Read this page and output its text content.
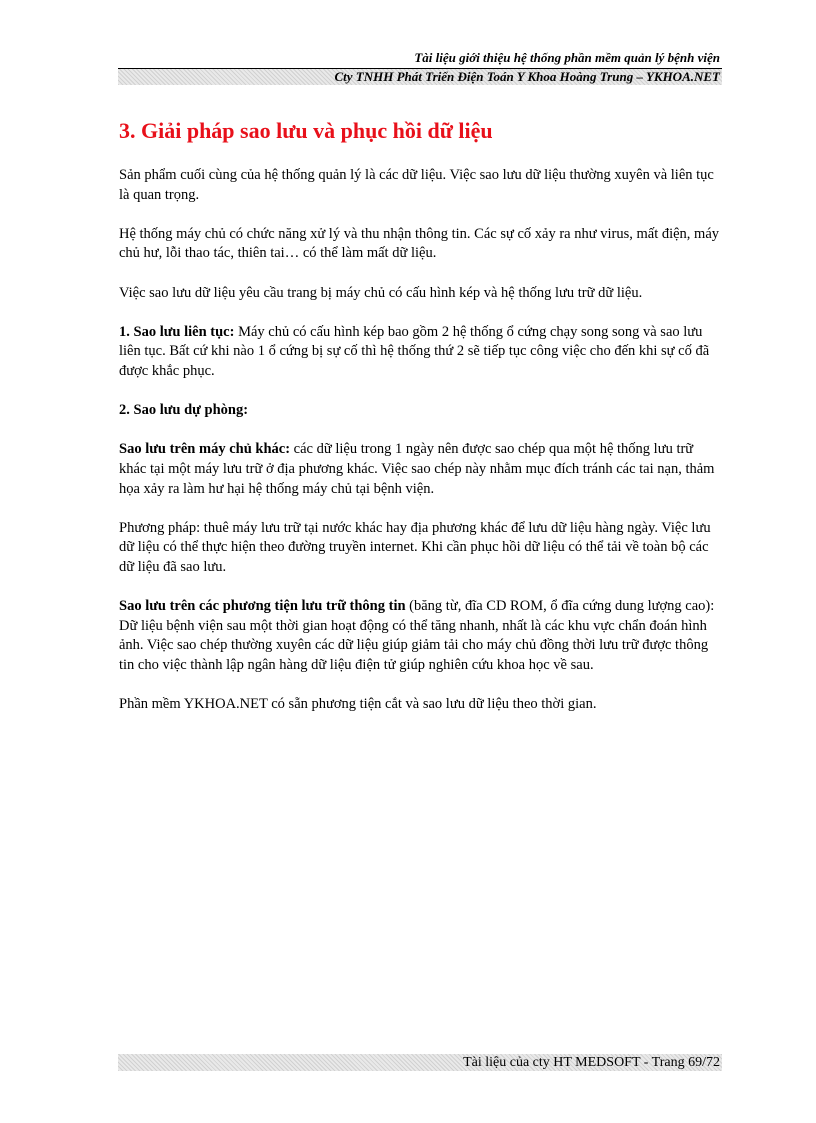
Tài liệu giới thiệu hệ thống phần mềm quản lý bệnh viện
Cty TNHH Phát Triển Điện Toán Y Khoa Hoàng Trung – YKHOA.NET
3. Giải pháp sao lưu và phục hồi dữ liệu

Sản phẩm cuối cùng của hệ thống quản lý là các dữ liệu. Việc sao lưu dữ liệu thường xuyên và liên tục là quan trọng.

Hệ thống máy chủ có chức năng xử lý và thu nhận thông tin. Các sự cố xảy ra như virus, mất điện, máy chủ hư, lỗi thao tác, thiên tai… có thể làm mất dữ liệu.

Việc sao lưu dữ liệu yêu cầu trang bị máy chủ có cấu hình kép và hệ thống lưu trữ dữ liệu.

1. Sao lưu liên tục: Máy chủ có cấu hình kép bao gồm 2 hệ thống ổ cứng chạy song song và sao lưu liên tục. Bất cứ khi nào 1 ổ cứng bị sự cố thì hệ thống thứ 2 sẽ tiếp tục công việc cho đến khi sự cố đã được khắc phục.

2. Sao lưu dự phòng:

Sao lưu trên máy chủ khác: các dữ liệu trong 1 ngày nên được sao chép qua một hệ thống lưu trữ khác tại một máy lưu trữ ở địa phương khác. Việc sao chép này nhằm mục đích tránh các tai nạn, thảm họa xảy ra làm hư hại hệ thống máy chủ tại bệnh viện.

Phương pháp: thuê máy lưu trữ tại nước khác hay địa phương khác để lưu dữ liệu hàng ngày. Việc lưu dữ liệu có thể thực hiện theo đường truyền internet. Khi cần phục hồi dữ liệu có thể tải về toàn bộ các dữ liệu đã sao lưu.

Sao lưu trên các phương tiện lưu trữ thông tin (băng từ, đĩa CD ROM, ổ đĩa cứng dung lượng cao): Dữ liệu bệnh viện sau một thời gian hoạt động có thể tăng nhanh, nhất là các khu vực chẩn đoán hình ảnh. Việc sao chép thường xuyên các dữ liệu giúp giảm tải cho máy chủ đồng thời lưu trữ được thông tin cho việc thành lập ngân hàng dữ liệu điện tử giúp nghiên cứu khoa học về sau.

Phần mềm YKHOA.NET có sẵn phương tiện cắt và sao lưu dữ liệu theo thời gian.

Tài liệu của cty HT MEDSOFT - Trang 69/72
